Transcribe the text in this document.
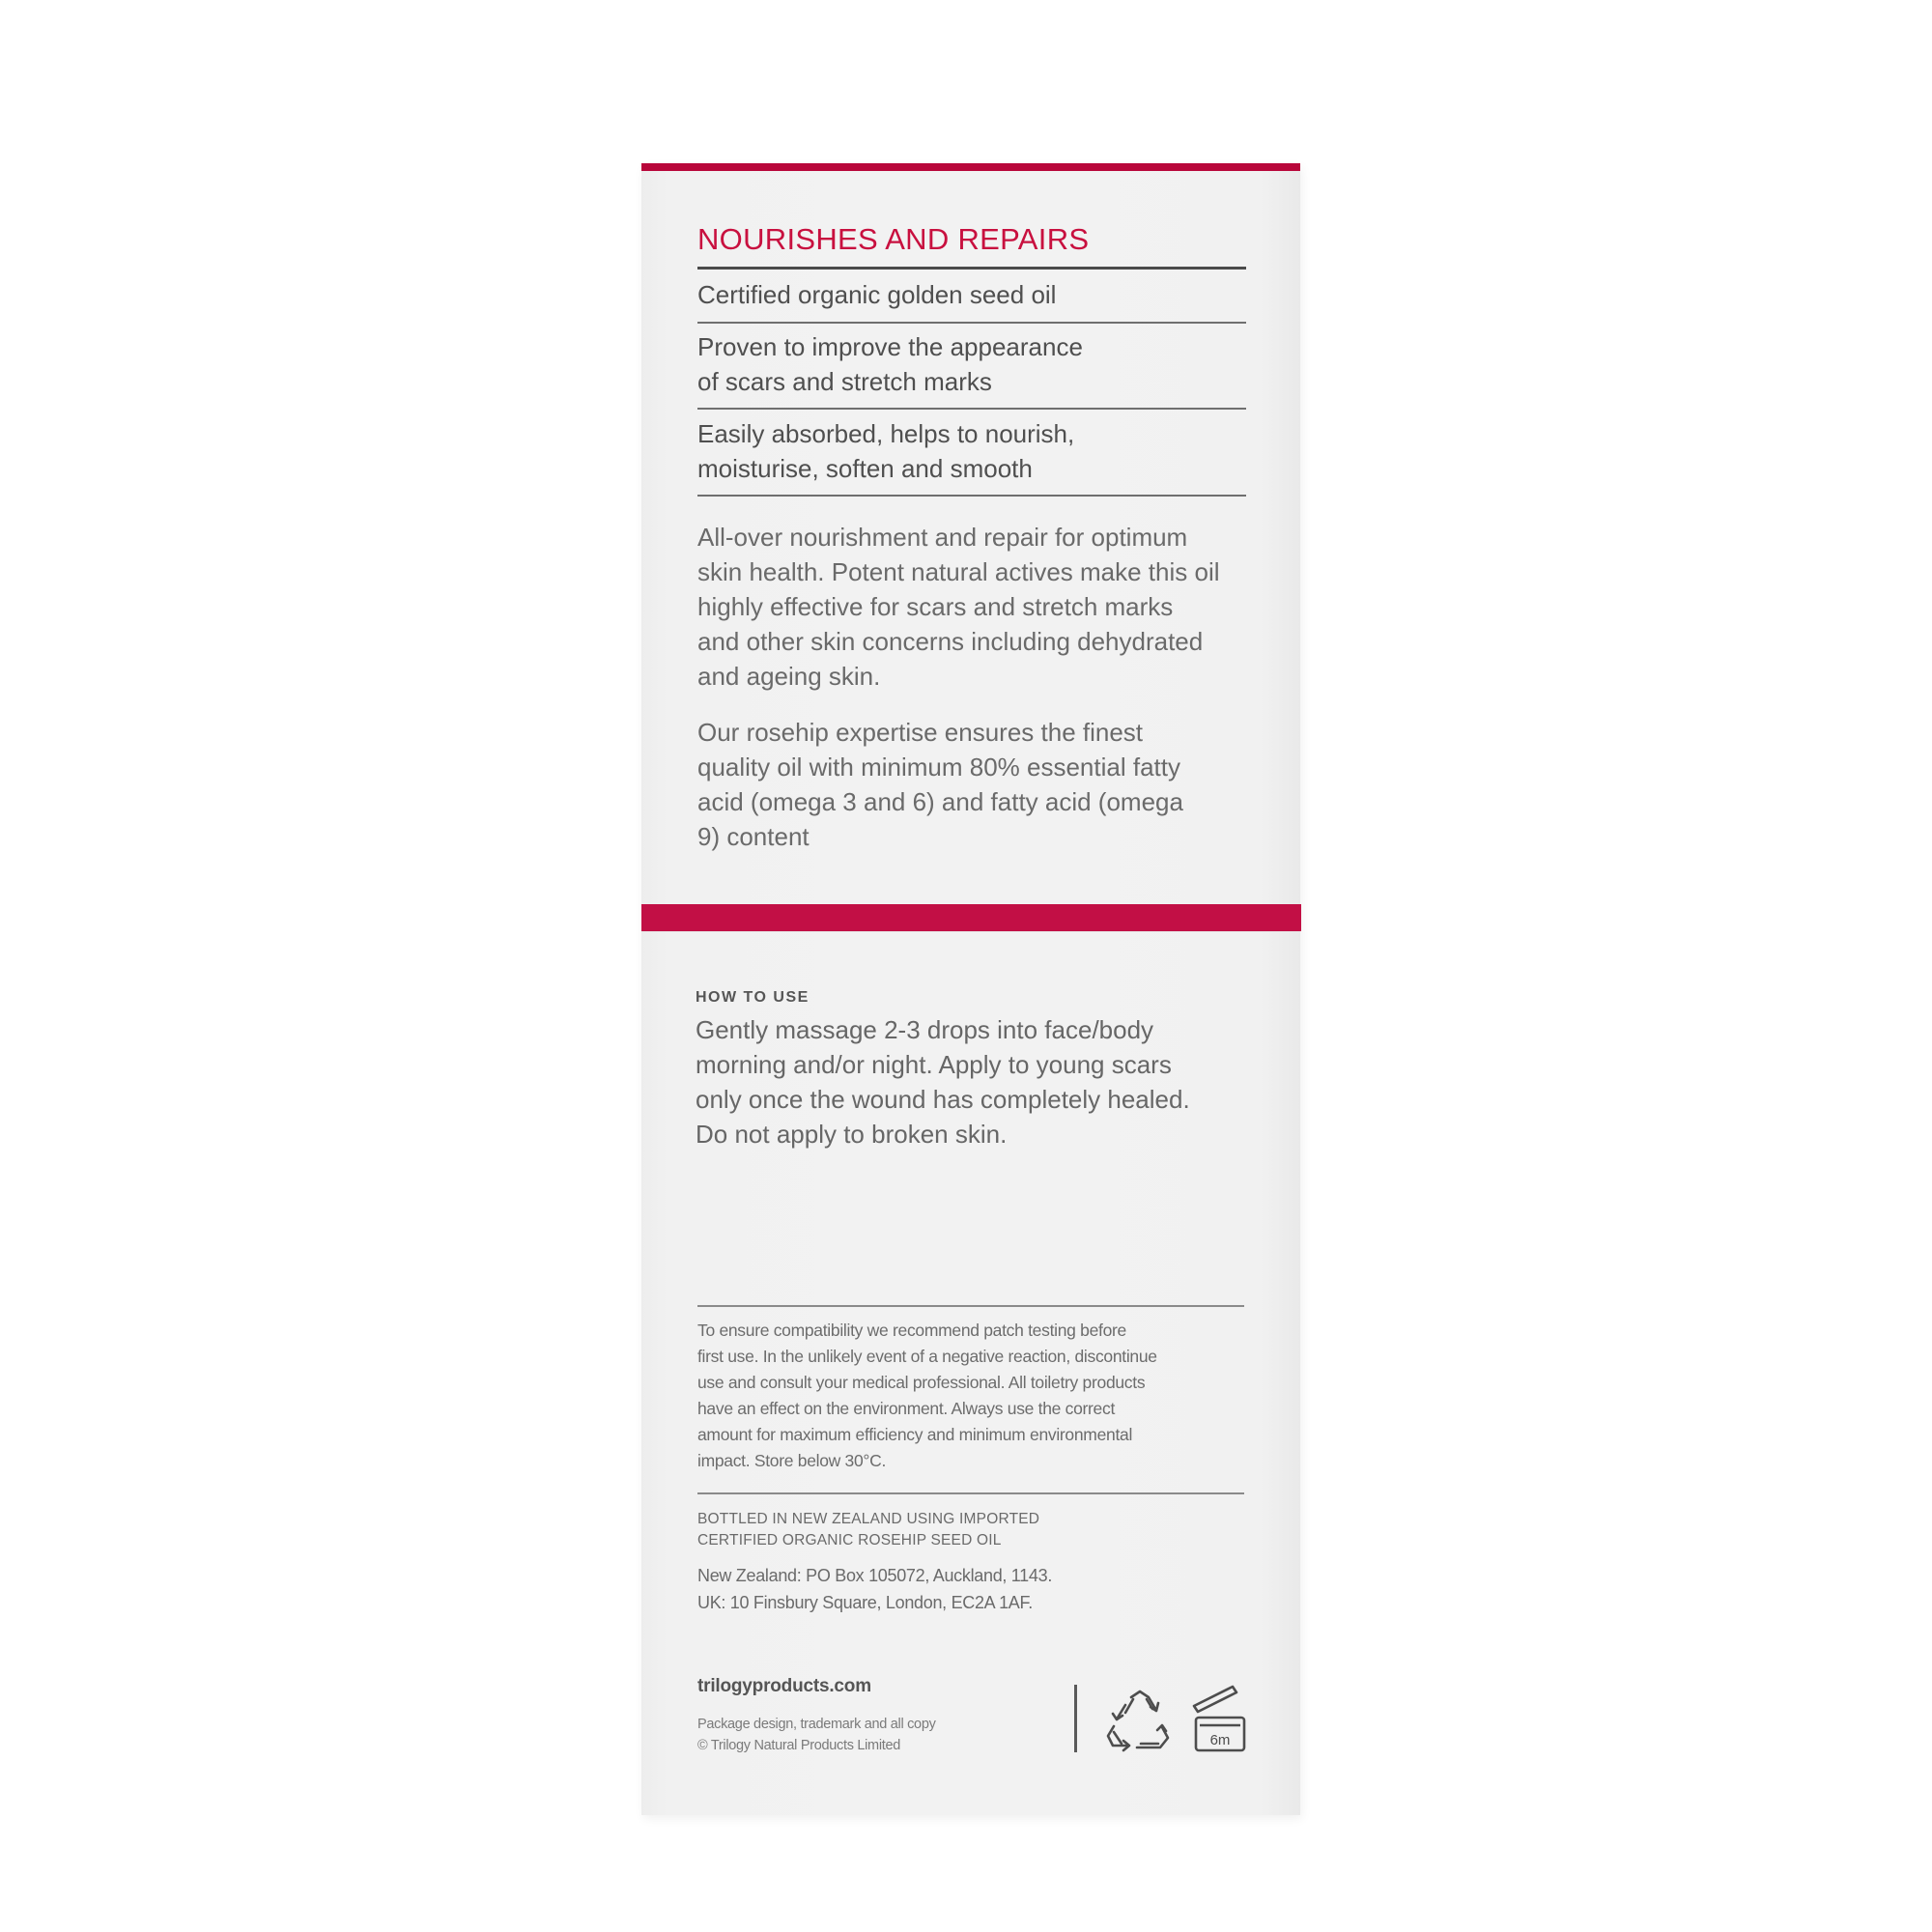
NOURISHES AND REPAIRS
Certified organic golden seed oil
Proven to improve the appearance
of scars and stretch marks
Easily absorbed, helps to nourish,
moisturise, soften and smooth
All-over nourishment and repair for optimum
skin health. Potent natural actives make this oil
highly effective for scars and stretch marks
and other skin concerns including dehydrated
and ageing skin.
Our rosehip expertise ensures the finest
quality oil with minimum 80% essential fatty
acid (omega 3 and 6) and fatty acid (omega
9) content
HOW TO USE
Gently massage 2-3 drops into face/body
morning and/or night. Apply to young scars
only once the wound has completely healed.
Do not apply to broken skin.
To ensure compatibility we recommend patch testing before
first use. In the unlikely event of a negative reaction, discontinue
use and consult your medical professional. All toiletry products
have an effect on the environment. Always use the correct
amount for maximum efficiency and minimum environmental
impact. Store below 30°C.
BOTTLED IN NEW ZEALAND USING IMPORTED
CERTIFIED ORGANIC ROSEHIP SEED OIL
New Zealand: PO Box 105072, Auckland, 1143.
UK: 10 Finsbury Square, London, EC2A 1AF.
trilogyproducts.com
Package design, trademark and all copy
© Trilogy Natural Products Limited	6m
